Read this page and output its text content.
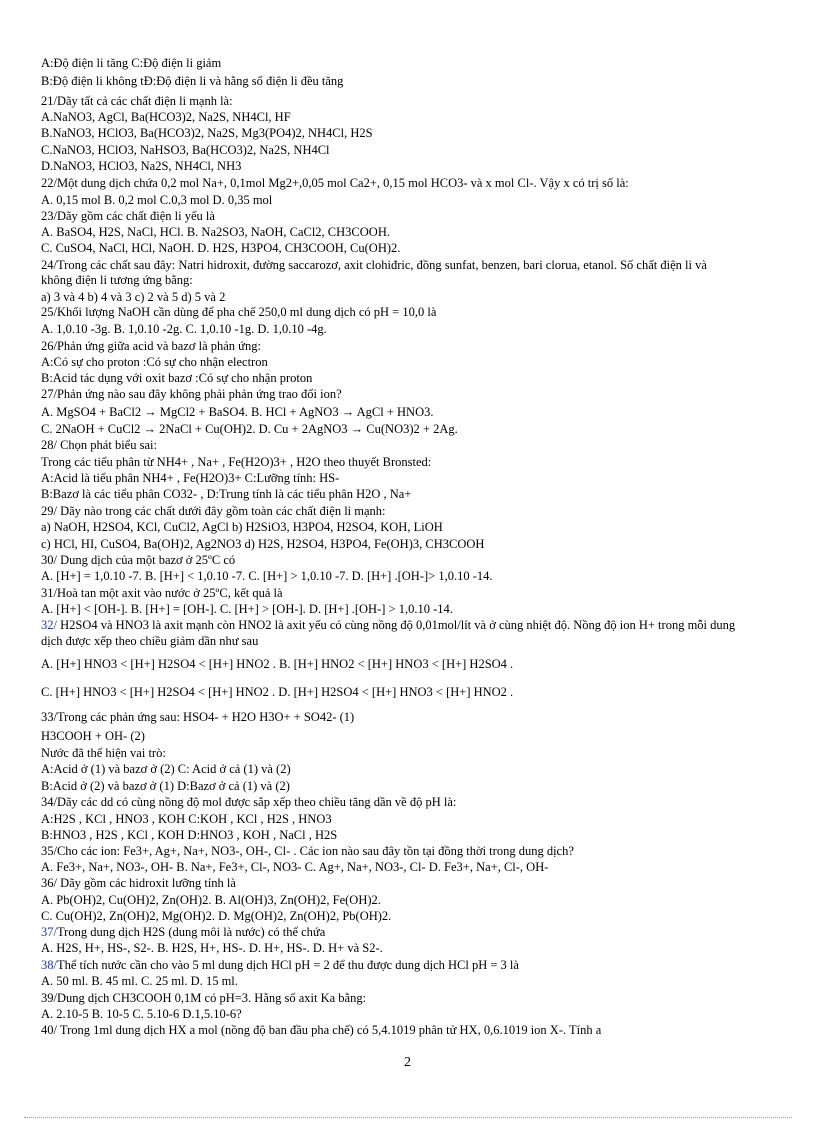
A:Độ điện li tăng C:Độ điện li giảm
B:Độ điện li không tĐ:Độ điện li và hằng số điện li đều tăng
21/Dãy tất cả các chất điện li mạnh là:
A.NaNO3, AgCl, Ba(HCO3)2, Na2S, NH4Cl, HF
B.NaNO3, HClO3, Ba(HCO3)2, Na2S, Mg3(PO4)2, NH4Cl, H2S
C.NaNO3, HClO3, NaHSO3, Ba(HCO3)2, Na2S, NH4Cl
D.NaNO3, HClO3, Na2S, NH4Cl, NH3
22/Một dung dịch chứa 0,2 mol Na+, 0,1mol Mg2+,0,05 mol Ca2+, 0,15 mol HCO3- và x mol Cl-. Vậy x có trị số là:
A. 0,15 mol B. 0,2 mol C.0,3 mol D. 0,35 mol
23/Dãy gồm các chất điện li yếu là
A. BaSO4, H2S, NaCl, HCl. B. Na2SO3, NaOH, CaCl2, CH3COOH.
C. CuSO4, NaCl, HCl, NaOH. D. H2S, H3PO4, CH3COOH, Cu(OH)2.
24/Trong các chất sau đây: Natri hidroxit, đường saccarozơ, axit clohiđric, đồng sunfat, benzen, bari clorua, etanol. Số chất điện li và
không điện li tương ứng bằng:
a) 3 và 4 b) 4 và 3 c) 2 và 5 d) 5 và 2
25/Khối lượng NaOH cần dùng để pha chế 250,0 ml dung dịch có pH = 10,0 là
A. 1,0.10 -3g. B. 1,0.10 -2g. C. 1,0.10 -1g. D. 1,0.10 -4g.
26/Phản ứng giữa acid và bazơ là phản ứng:
A:Có sự cho proton :Có sự cho nhận electron
B:Acid tác dụng với oxit bazơ :Có sự cho nhận proton
27/Phản ứng nào sau đây không phải phản ứng trao đổi ion?
A. MgSO4 + BaCl2 → MgCl2 + BaSO4. B. HCl + AgNO3 → AgCl + HNO3.
C. 2NaOH + CuCl2 → 2NaCl + Cu(OH)2. D. Cu + 2AgNO3 → Cu(NO3)2 + 2Ag.
28/ Chọn phát biểu sai:
Trong các tiểu phân từ NH4+ , Na+ , Fe(H2O)3+ , H2O theo thuyết Bronsted:
A:Acid là tiểu phân NH4+ , Fe(H2O)3+ C:Lưỡng tính: HS-
B:Bazơ là các tiểu phân CO32- , D:Trung tính là các tiểu phân H2O , Na+
29/ Dãy nào trong các chất dưới đây gồm toàn các chất điện li mạnh:
a) NaOH, H2SO4, KCl, CuCl2, AgCl b) H2SiO3, H3PO4, H2SO4, KOH, LiOH
c) HCl, HI, CuSO4, Ba(OH)2, Ag2NO3 d) H2S, H2SO4, H3PO4, Fe(OH)3, CH3COOH
30/ Dung dịch của một bazơ ở 25ºC có
A. [H+] = 1,0.10 -7. B. [H+] < 1,0.10 -7. C. [H+] > 1,0.10 -7. D. [H+] .[OH-]> 1,0.10 -14.
31/Hoà tan một axit vào nước ở 25ºC, kết quả là
A. [H+] < [OH-]. B. [H+] = [OH-]. C. [H+] > [OH-]. D. [H+] .[OH-] > 1,0.10 -14.
32/ H2SO4 và HNO3 là axit mạnh còn HNO2 là axit yếu có cùng nồng độ 0,01mol/lít và ở cùng nhiệt độ. Nồng độ ion H+ trong mỗi dung
dịch được xếp theo chiều giảm dần như sau
A. [H+] HNO3 < [H+] H2SO4 < [H+] HNO2 . B. [H+] HNO2 < [H+] HNO3 < [H+] H2SO4 .
C. [H+] HNO3 < [H+] H2SO4 < [H+] HNO2 . D. [H+] H2SO4 < [H+] HNO3 < [H+] HNO2 .
33/Trong các phản ứng sau: HSO4- + H2O H3O+ + SO42- (1)
H3COOH + OH- (2)
Nước đã thể hiện vai trò:
A:Acid ở (1) và bazơ ở (2) C: Acid ở cả (1) và (2)
B:Acid ở (2) và bazơ ở (1) D:Bazơ ở cả (1) và (2)
34/Dãy các dd có cùng nồng độ mol được sắp xếp theo chiều tăng dần về độ pH là:
A:H2S , KCl , HNO3 , KOH C:KOH , KCl , H2S , HNO3
B:HNO3 , H2S , KCl , KOH D:HNO3 , KOH , NaCl , H2S
35/Cho các ion: Fe3+, Ag+, Na+, NO3-, OH-, Cl- . Các ion nào sau đây tồn tại đồng thời trong dung dịch?
A. Fe3+, Na+, NO3-, OH- B. Na+, Fe3+, Cl-, NO3- C. Ag+, Na+, NO3-, Cl- D. Fe3+, Na+, Cl-, OH-
36/ Dãy gồm các hidroxit lưỡng tính là
A. Pb(OH)2, Cu(OH)2, Zn(OH)2. B. Al(OH)3, Zn(OH)2, Fe(OH)2.
C. Cu(OH)2, Zn(OH)2, Mg(OH)2. D. Mg(OH)2, Zn(OH)2, Pb(OH)2.
37/Trong dung dịch H2S (dung môi là nước) có thể chứa
A. H2S, H+, HS-, S2-. B. H2S, H+, HS-. D. H+, HS-. D. H+ và S2-.
38/Thể tích nước cần cho vào 5 ml dung dịch HCl pH = 2 để thu được dung dịch HCl pH = 3 là
A. 50 ml. B. 45 ml. C. 25 ml. D. 15 ml.
39/Dung dịch CH3COOH 0,1M có pH=3. Hằng số axit Ka bằng:
A. 2.10-5 B. 10-5 C. 5.10-6 D.1,5.10-6?
40/ Trong 1ml dung dịch HX a mol (nồng độ ban đầu pha chế) có 5,4.1019 phân tử HX, 0,6.1019 ion X-. Tính a
2
